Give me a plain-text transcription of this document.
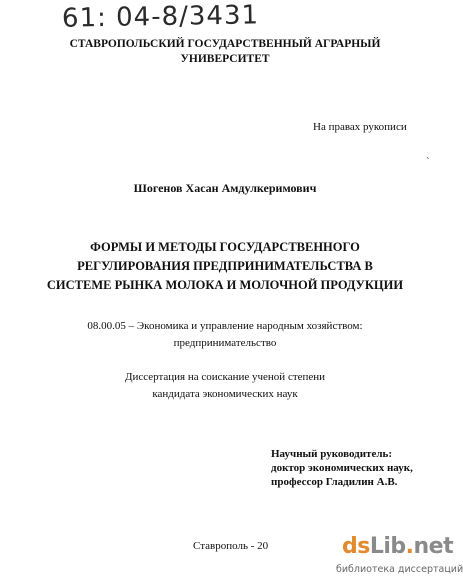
61: 04-8/3431
СТАВРОПОЛЬСКИЙ ГОСУДАРСТВЕННЫЙ АГРАРНЫЙ
УНИВЕРСИТЕТ
На правах рукописи
`
Шогенов Хасан Амдулкеримович
ФОРМЫ И МЕТОДЫ ГОСУДАРСТВЕННОГО
РЕГУЛИРОВАНИЯ ПРЕДПРИНИМАТЕЛЬСТВА В
СИСТЕМЕ РЫНКА МОЛОКА И МОЛОЧНОЙ ПРОДУКЦИИ
08.00.05 – Экономика и управление народным хозяйством:
предпринимательство
Диссертация на соискание ученой степени
кандидата экономических наук
Научный руководитель:
доктор экономических наук,
профессор Гладилин А.В.
Ставрополь - 20	dsLib.net
библиотека диссертаций
